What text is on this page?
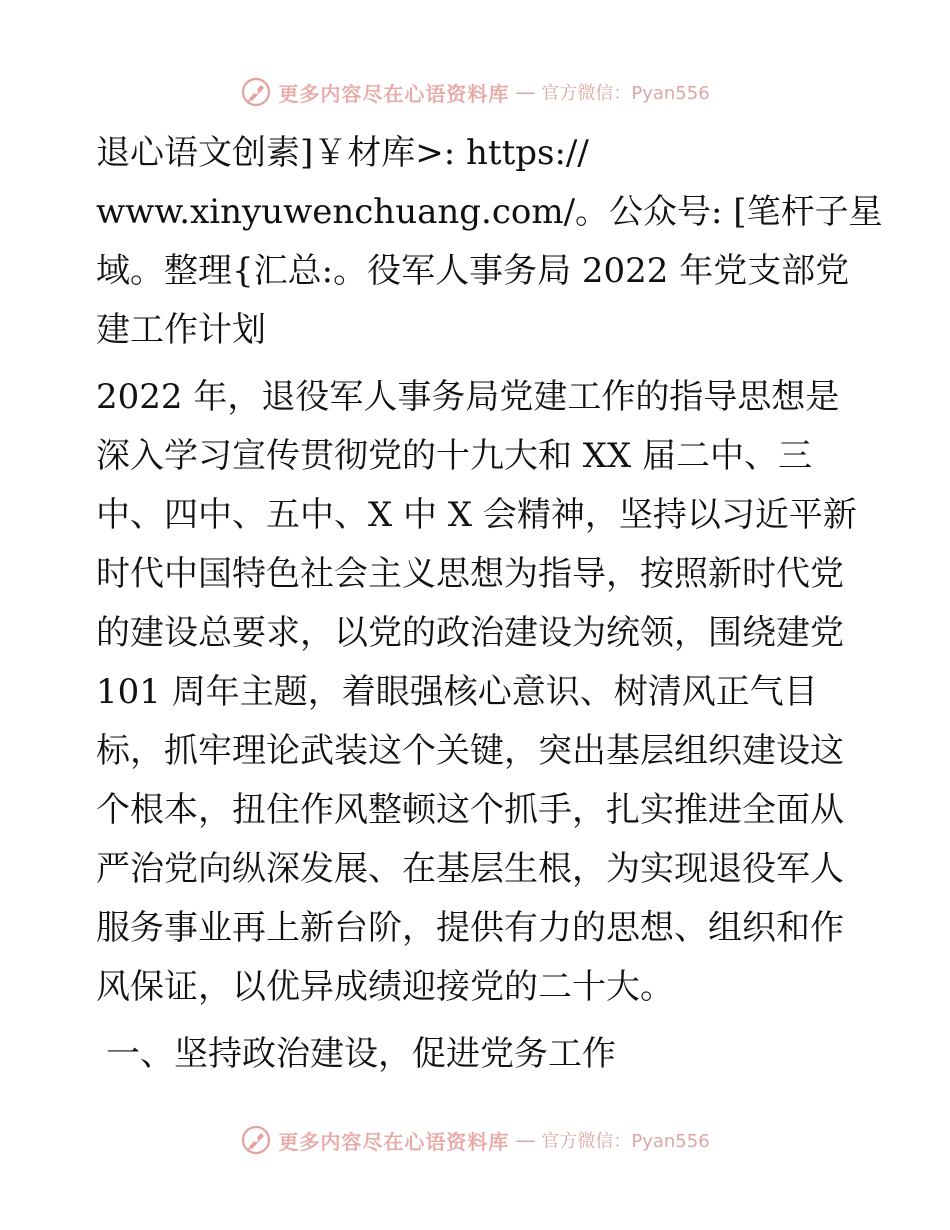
更多内容尽在心语资料库 — 官方微信：Pyan556
退心语文创素]￥材库>: https://
www.xinyuwenchuang.com/。公众号: [笔杆子星
域。整理{汇总:。役军人事务局 2022 年党支部党
建工作计划
2022 年，退役军人事务局党建工作的指导思想是
深入学习宣传贯彻党的十九大和 XX 届二中、三
中、四中、五中、X 中 X 会精神，坚持以习近平新
时代中国特色社会主义思想为指导，按照新时代党
的建设总要求，以党的政治建设为统领，围绕建党
101 周年主题，着眼强核心意识、树清风正气目
标，抓牢理论武装这个关键，突出基层组织建设这
个根本，扭住作风整顿这个抓手，扎实推进全面从
严治党向纵深发展、在基层生根，为实现退役军人
服务事业再上新台阶，提供有力的思想、组织和作
风保证，以优异成绩迎接党的二十大。
一、坚持政治建设，促进党务工作
更多内容尽在心语资料库 — 官方微信：Pyan556
